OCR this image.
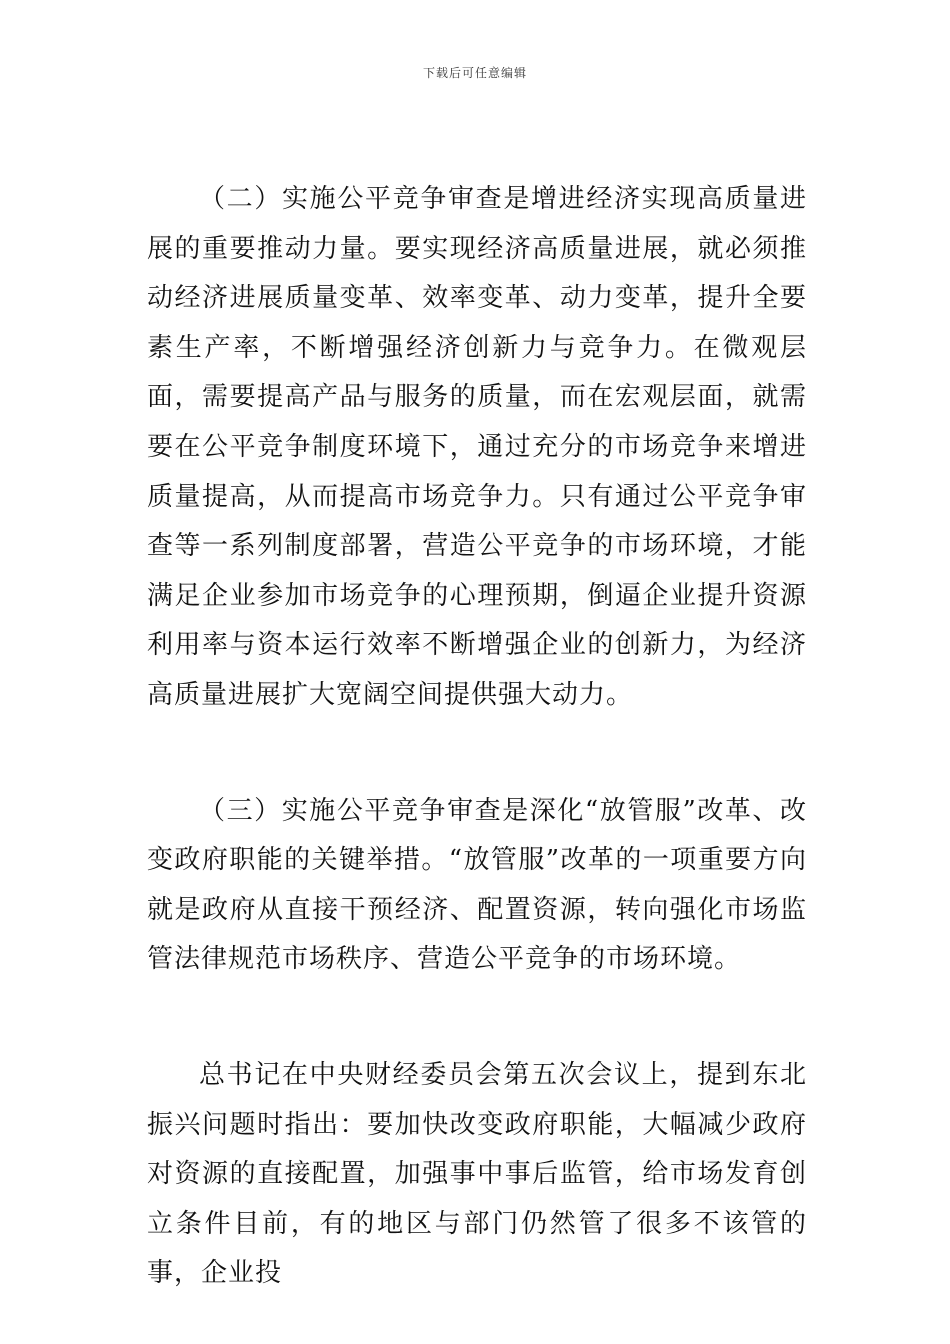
下载后可任意编辑

（二）实施公平竞争审查是增进经济实现高质量进展的重要推动力量。要实现经济高质量进展，就必须推动经济进展质量变革、效率变革、动力变革，提升全要素生产率，不断增强经济创新力与竞争力。在微观层面，需要提高产品与服务的质量，而在宏观层面，就需要在公平竞争制度环境下，通过充分的市场竞争来增进质量提高，从而提高市场竞争力。只有通过公平竞争审查等一系列制度部署，营造公平竞争的市场环境，才能满足企业参加市场竞争的心理预期，倒逼企业提升资源利用率与资本运行效率不断增强企业的创新力，为经济高质量进展扩大宽阔空间提供强大动力。

（三）实施公平竞争审查是深化“放管服”改革、改变政府职能的关键举措。“放管服”改革的一项重要方向就是政府从直接干预经济、配置资源，转向强化市场监管法律规范市场秩序、营造公平竞争的市场环境。

总书记在中央财经委员会第五次会议上，提到东北振兴问题时指出：要加快改变政府职能，大幅减少政府对资源的直接配置，加强事中事后监管，给市场发育创立条件目前，有的地区与部门仍然管了很多不该管的事，企业投
